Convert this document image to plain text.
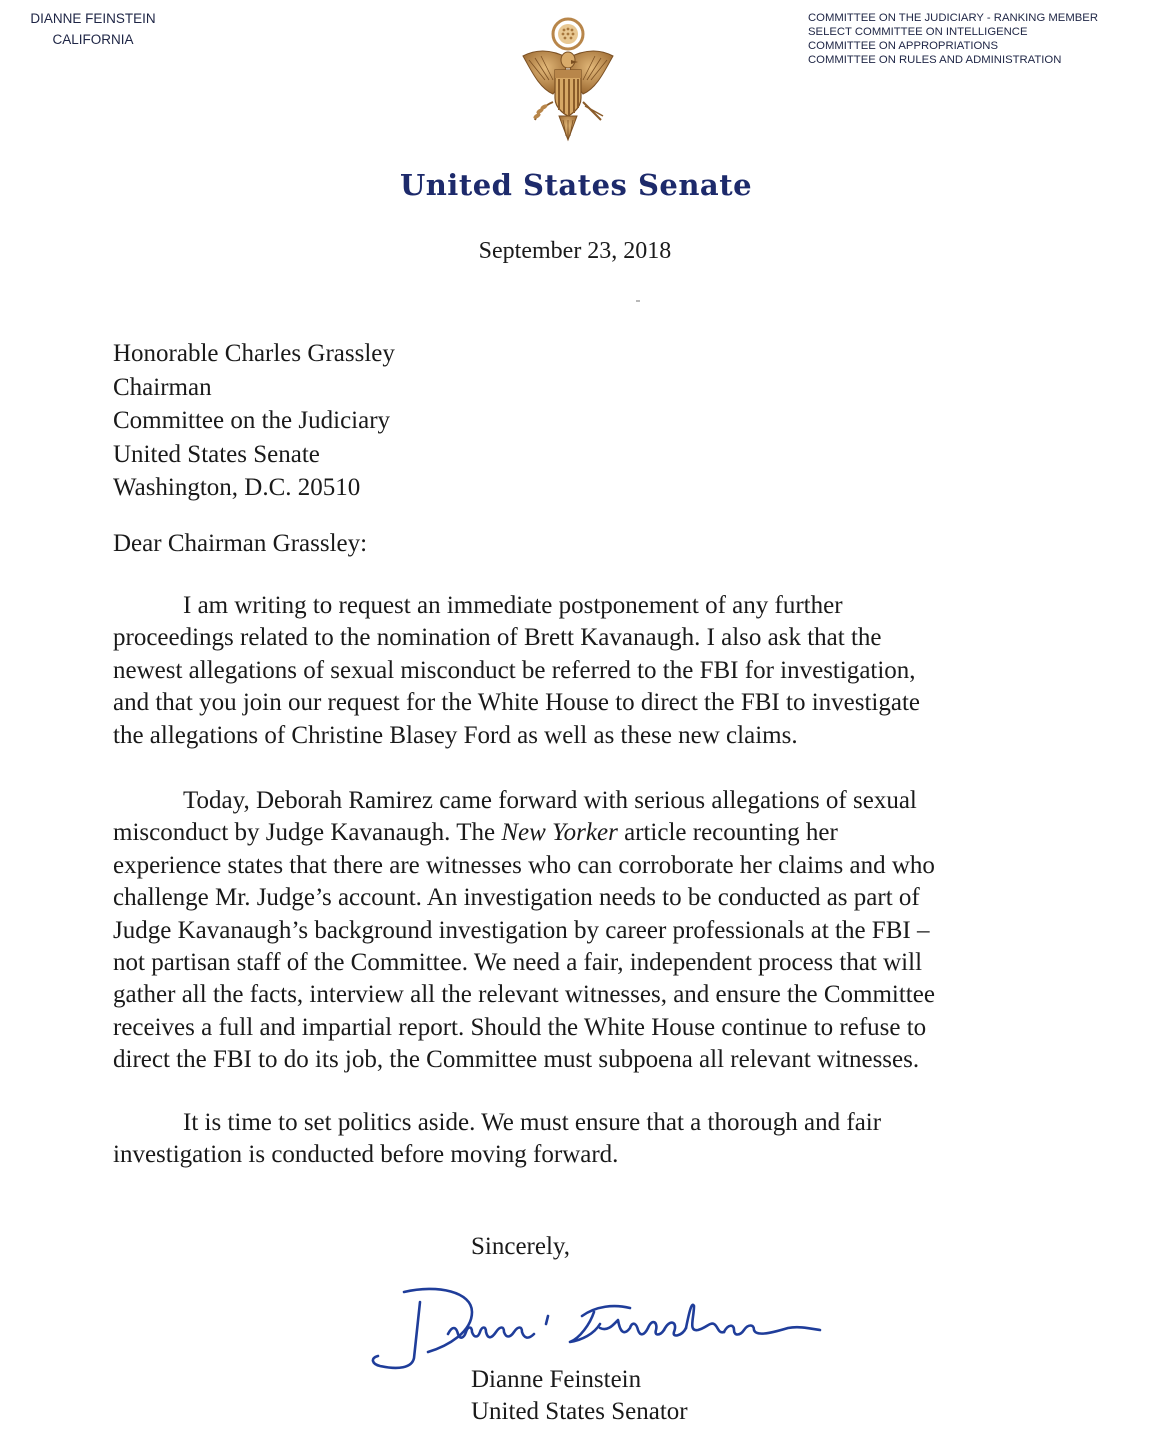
DIANNE FEINSTEIN
CALIFORNIA
COMMITTEE ON THE JUDICIARY - RANKING MEMBER
SELECT COMMITTEE ON INTELLIGENCE
COMMITTEE ON APPROPRIATIONS
COMMITTEE ON RULES AND ADMINISTRATION
United States Senate
September 23, 2018
Honorable Charles Grassley
Chairman
Committee on the Judiciary
United States Senate
Washington, D.C. 20510
Dear Chairman Grassley:
I am writing to request an immediate postponement of any further
proceedings related to the nomination of Brett Kavanaugh. I also ask that the
newest allegations of sexual misconduct be referred to the FBI for investigation,
and that you join our request for the White House to direct the FBI to investigate
the allegations of Christine Blasey Ford as well as these new claims.
Today, Deborah Ramirez came forward with serious allegations of sexual
misconduct by Judge Kavanaugh. The New Yorker article recounting her
experience states that there are witnesses who can corroborate her claims and who
challenge Mr. Judge’s account. An investigation needs to be conducted as part of
Judge Kavanaugh’s background investigation by career professionals at the FBI –
not partisan staff of the Committee. We need a fair, independent process that will
gather all the facts, interview all the relevant witnesses, and ensure the Committee
receives a full and impartial report. Should the White House continue to refuse to
direct the FBI to do its job, the Committee must subpoena all relevant witnesses.
It is time to set politics aside. We must ensure that a thorough and fair
investigation is conducted before moving forward.
Sincerely,
Dianne Feinstein
United States Senator
